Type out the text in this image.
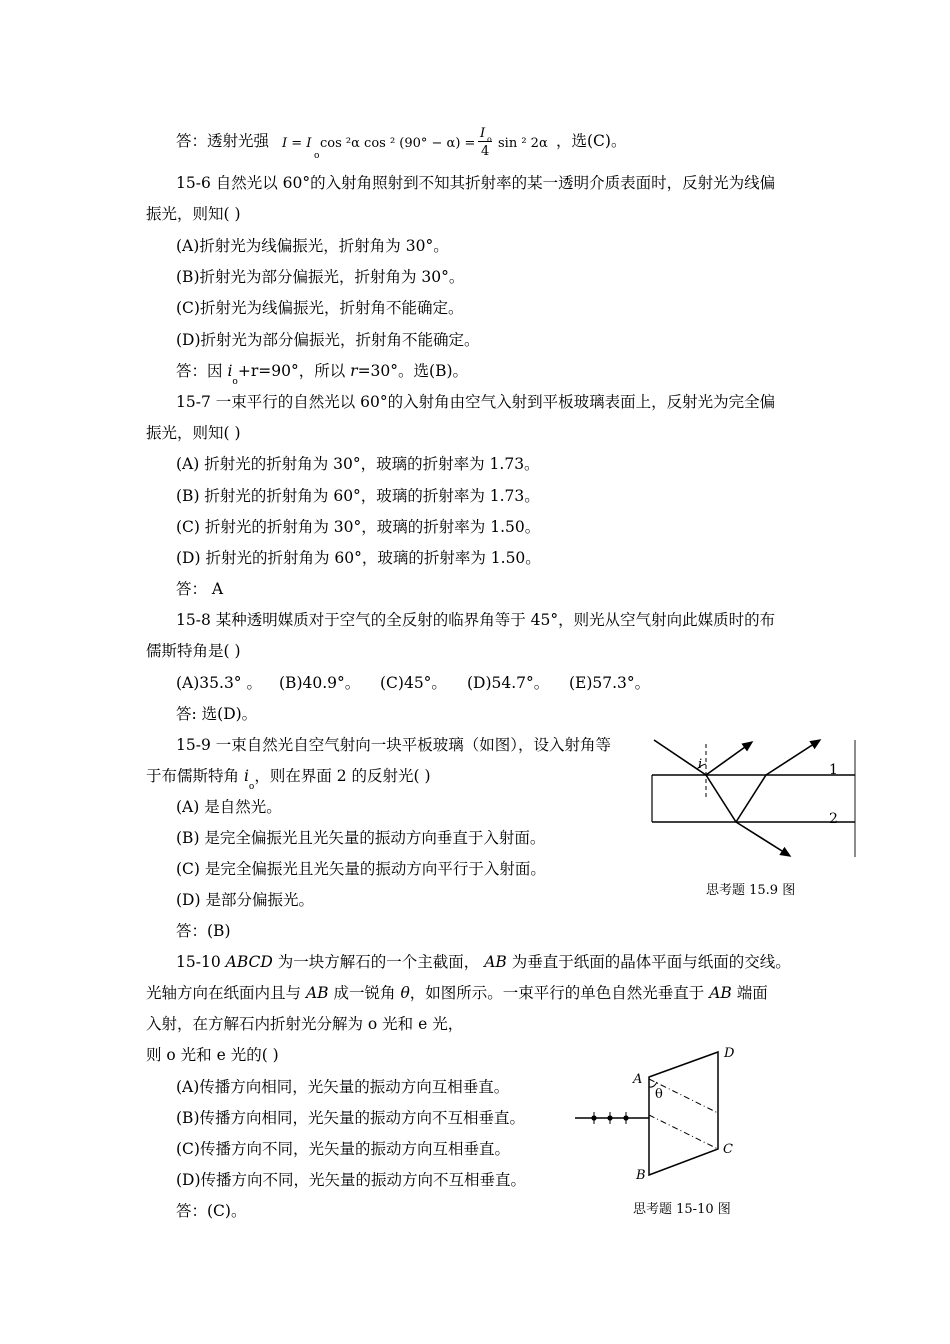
答：透射光强 I = I
o
cos ²α cos ² (90° − α) =
I o
4
sin ² 2α ，选(C)。
15-6 自然光以 60°的入射角照射到不知其折射率的某一透明介质表面时，反射光为线偏
振光，则知( )
(A)折射光为线偏振光，折射角为 30°。
(B)折射光为部分偏振光，折射角为 30°。
(C)折射光为线偏振光，折射角不能确定。
(D)折射光为部分偏振光，折射角不能确定。
答：因 $i_o+r=90^\circ$，所以 r=30°。选(B)。
15-7 一束平行的自然光以 60°的入射角由空气入射到平板玻璃表面上，反射光为完全偏
振光，则知( )
(A) 折射光的折射角为 30°，玻璃的折射率为 1.73。
(B) 折射光的折射角为 60°，玻璃的折射率为 1.73。
(C) 折射光的折射角为 30°，玻璃的折射率为 1.50。
(D) 折射光的折射角为 60°，玻璃的折射率为 1.50。
答： A
15-8 某种透明媒质对于空气的全反射的临界角等于 45°，则光从空气射向此媒质时的布
儒斯特角是( )
(A)35.3° 。 (B)40.9°。 (C)45°。 (D)54.7°。 (E)57.3°。
答: 选(D)。
15-9 一束自然光自空气射向一块平板玻璃（如图），设入射角等
于布儒斯特角 $i_o$，则在界面 2 的反射光( )
(A) 是自然光。
(B) 是完全偏振光且光矢量的振动方向垂直于入射面。
(C) 是完全偏振光且光矢量的振动方向平行于入射面。
(D) 是部分偏振光。
答：(B)
i	1
2
思考题 15.9 图
15-10 ABCD 为一块方解石的一个主截面， AB 为垂直于纸面的晶体平面与纸面的交线。
光轴方向在纸面内且与 AB 成一锐角 θ，如图所示。一束平行的单色自然光垂直于 AB 端面
入射，在方解石内折射光分解为 o 光和 e 光，
则 o 光和 e 光的( )
(A)传播方向相同，光矢量的振动方向互相垂直。
(B)传播方向相同，光矢量的振动方向不互相垂直。
(C)传播方向不同，光矢量的振动方向互相垂直。
(D)传播方向不同，光矢量的振动方向不互相垂直。
答：(C)。
A
D
C
B
θ
思考题 15-10 图
